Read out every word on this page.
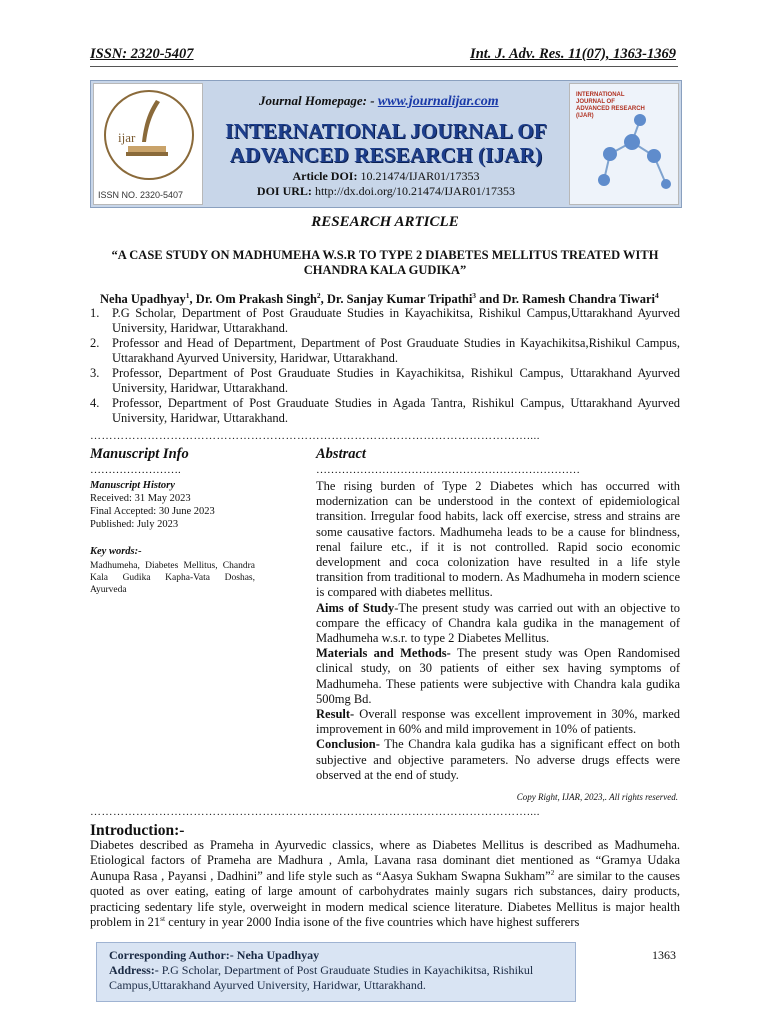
ISSN: 2320-5407	Int. J. Adv. Res. 11(07), 1363-1369
ijar
ISSN NO. 2320-5407
Journal Homepage: - www.journalijar.com
INTERNATIONAL JOURNAL OF
ADVANCED RESEARCH (IJAR)
Article DOI: 10.21474/IJAR01/17353
DOI URL: http://dx.doi.org/10.21474/IJAR01/17353
INTERNATIONAL JOURNAL OF ADVANCED RESEARCH (IJAR)
RESEARCH ARTICLE
“A CASE STUDY ON MADHUMEHA W.S.R TO TYPE 2 DIABETES MELLITUS TREATED WITH CHANDRA KALA GUDIKA”
Neha Upadhyay$^1$, Dr. Om Prakash Singh$^2$, Dr. Sanjay Kumar Tripathi$^3$ and Dr. Ramesh Chandra Tiwari$^4$
1. P.G Scholar, Department of Post Grauduate Studies in Kayachikitsa, Rishikul Campus,Uttarakhand Ayurved University, Haridwar, Uttarakhand.
2. Professor and Head of Department, Department of Post Grauduate Studies in Kayachikitsa,Rishikul Campus, Uttarakhand Ayurved University, Haridwar, Uttarakhand.
3. Professor, Department of Post Grauduate Studies in Kayachikitsa, Rishikul Campus, Uttarakhand Ayurved University, Haridwar, Uttarakhand.
4. Professor, Department of Post Grauduate Studies in Agada Tantra, Rishikul Campus, Uttarakhand Ayurved University, Haridwar, Uttarakhand.
……………………………………………………………………………………………………....
Manuscript Info
…………………….
Manuscript History
Received: 31 May 2023
Final Accepted: 30 June 2023
Published: July 2023
Key words:-
Madhumeha, Diabetes Mellitus, Chandra Kala Gudika Kapha-Vata Doshas, Ayurveda
Abstract
………………………………………………………………

The rising burden of Type 2 Diabetes which has occurred with modernization can be understood in the context of epidemiological transition. Irregular food habits, lack off exercise, stress and strains are some causative factors. Madhumeha leads to be a cause for blindness, renal failure etc., if it is not controlled. Rapid socio economic development and coca colonization have resulted in a life style transition from traditional to modern. As Madhumeha in modern science is compared with diabetes mellitus.

Aims of Study-The present study was carried out with an objective to compare the efficacy of Chandra kala gudika in the management of Madhumeha w.s.r. to type 2 Diabetes Mellitus.

Materials and Methods- The present study was Open Randomised clinical study, on 30 patients of either sex having symptoms of Madhumeha. These patients were subjective with Chandra kala gudika 500mg Bd.

Result- Overall response was excellent improvement in 30%, marked improvement in 60% and mild improvement in 10% of patients.

Conclusion- The Chandra kala gudika has a significant effect on both subjective and objective parameters. No adverse drugs effects were observed at the end of study.

Copy Right, IJAR, 2023,. All rights reserved.
……………………………………………………………………………………………………....
Introduction:-
Diabetes described as Prameha in Ayurvedic classics, where as Diabetes Mellitus is described as Madhumeha. Etiological factors of Prameha are Madhura , Amla, Lavana rasa dominant diet mentioned as “Gramya Udaka Aunupa Rasa , Payansi , Dadhini” and life style such as “Aasya Sukham Swapna Sukham”$^2$ are similar to the causes quoted as over eating, eating of large amount of carbohydrates mainly sugars rich substances, dairy products, practicing sedentary life style, overweight in modern medical science literature. Diabetes Mellitus is major health problem in 21st century in year 2000 India isone of the five countries which have highest sufferers
Corresponding Author:- Neha Upadhyay
Address:- P.G Scholar, Department of Post Grauduate Studies in Kayachikitsa, Rishikul Campus,Uttarakhand Ayurved University, Haridwar, Uttarakhand.
1363
